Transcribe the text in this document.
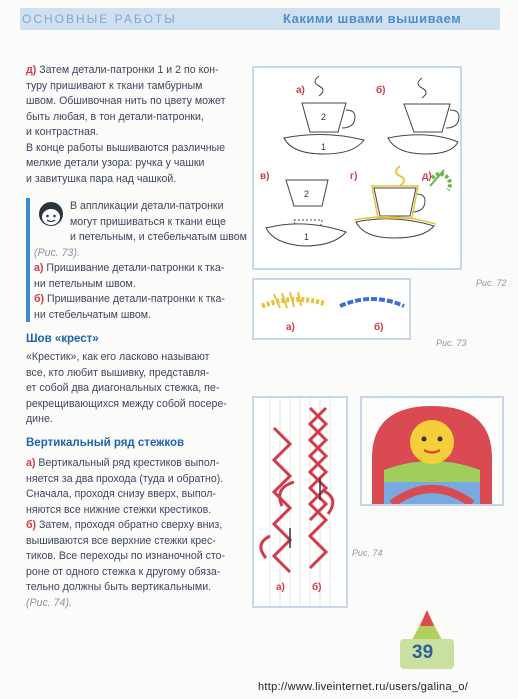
ОСНОВНЫЕ РАБОТЫ	Какими швами вышиваем

д) Затем детали-патронки 1 и 2 по кон-

туру пришивают к ткани тамбурным

швом. Обшивочная нить по цвету может

быть любая, в тон детали-патронки,

и контрастная.

В конце работы вышиваются различные

мелкие детали узора: ручка у чашки

и завитушка пара над чашкой.

В аппликации детали-патронки

могут пришиваться к ткани еще

и петельным, и стебельчатым швом

(Рис. 73).

а) Пришивание детали-патронки к тка-

ни петельным швом.

б) Пришивание детали-патронки к тка-

ни стебельчатым швом.

Шов «крест»

«Крестик», как его ласково называют

все, кто любит вышивку, представля-

ет собой два диагональных стежка, пе-

рекрещивающихся между собой посере-

дине.

Вертикальный ряд стежков

а) Вертикальный ряд крестиков выпол-

няется за два прохода (туда и обратно).

Сначала, проходя снизу вверх, выпол-

няются все нижние стежки крестиков.

б) Затем, проходя обратно сверху вниз,

вышиваются все верхние стежки крес-

тиков. Все переходы по изнаночной сто-

роне от одного стежка к другому обяза-

тельно должны быть вертикальными.

(Рис. 74).

а)	б)
в)	г)	д)
2
1
2
1
Рис. 72
а)	б)
Рис. 73
а)	б)
Рис. 74
39
http://www.liveinternet.ru/users/galina_o/
